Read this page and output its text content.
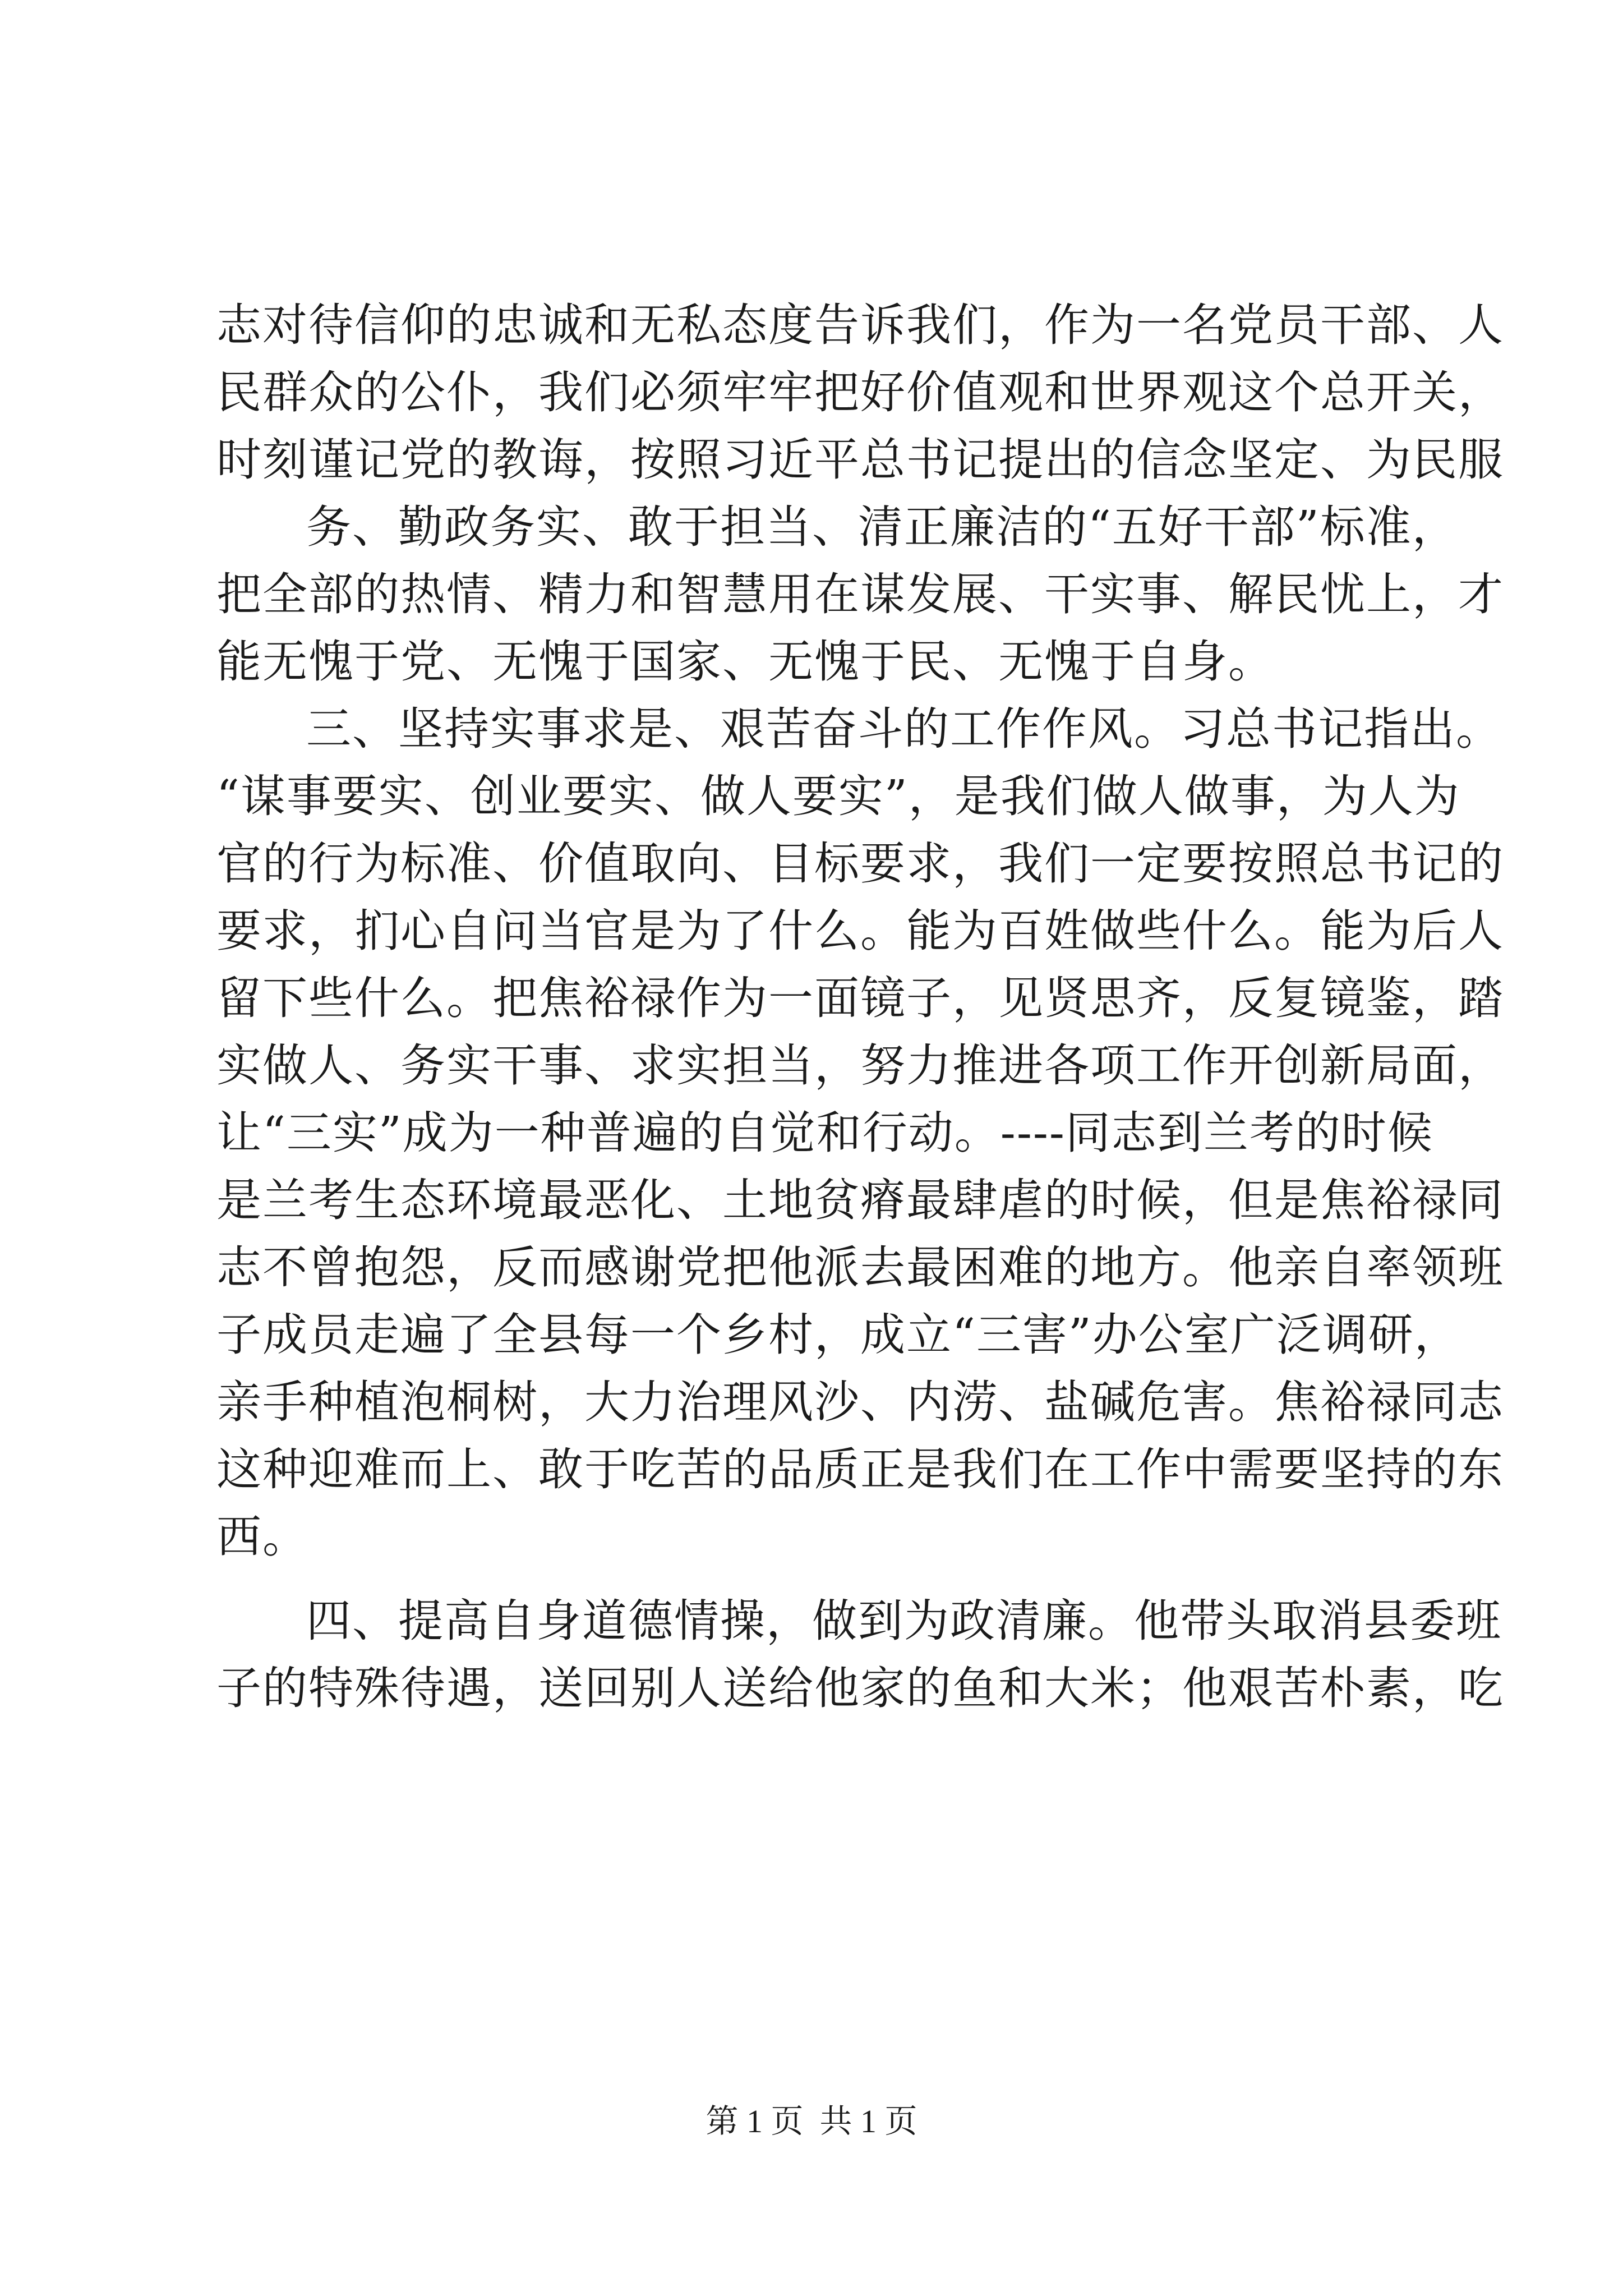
志对待信仰的忠诚和无私态度告诉我们，作为一名党员干部、人
民群众的公仆，我们必须牢牢把好价值观和世界观这个总开关，
时刻谨记党的教诲，按照习近平总书记提出的信念坚定、为民服
务、勤政务实、敢于担当、清正廉洁的“五好干部”标准，
把全部的热情、精力和智慧用在谋发展、干实事、解民忧上，才
能无愧于党、无愧于国家、无愧于民、无愧于自身。
三、坚持实事求是、艰苦奋斗的工作作风。习总书记指出。
“谋事要实、创业要实、做人要实”，是我们做人做事，为人为
官的行为标准、价值取向、目标要求，我们一定要按照总书记的
要求，扪心自问当官是为了什么。能为百姓做些什么。能为后人
留下些什么。把焦裕禄作为一面镜子，见贤思齐，反复镜鉴，踏
实做人、务实干事、求实担当，努力推进各项工作开创新局面，
让“三实”成为一种普遍的自觉和行动。----同志到兰考的时候
是兰考生态环境最恶化、土地贫瘠最肆虐的时候，但是焦裕禄同
志不曾抱怨，反而感谢党把他派去最困难的地方。他亲自率领班
子成员走遍了全县每一个乡村，成立“三害”办公室广泛调研，
亲手种植泡桐树，大力治理风沙、内涝、盐碱危害。焦裕禄同志
这种迎难而上、敢于吃苦的品质正是我们在工作中需要坚持的东
西。
四、提高自身道德情操，做到为政清廉。他带头取消县委班
子的特殊待遇，送回别人送给他家的鱼和大米；他艰苦朴素，吃
第 1 页  共 1 页
